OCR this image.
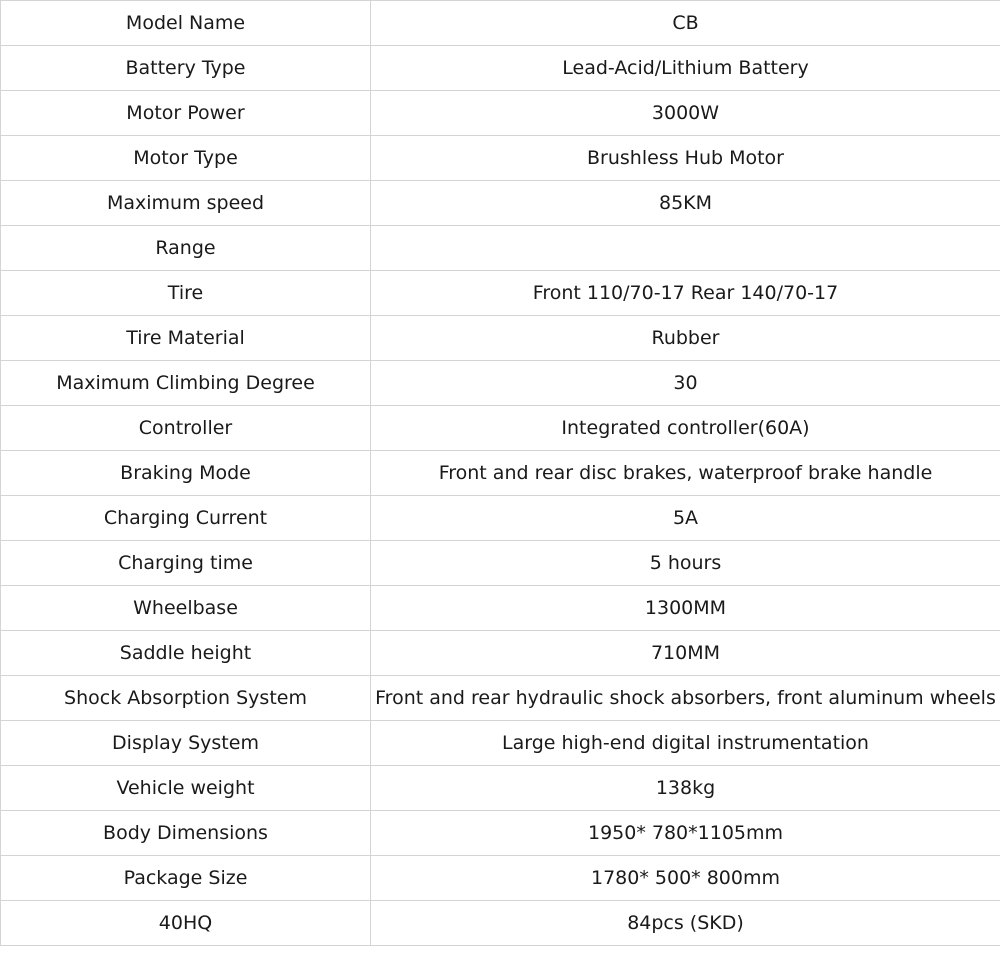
Model Name	CB
Battery Type	Lead-Acid/Lithium Battery
Motor Power	3000W
Motor Type	Brushless Hub Motor
Maximum speed	85KM
Range	
Tire	Front 110/70-17 Rear 140/70-17
Tire Material	Rubber
Maximum Climbing Degree	30
Controller	Integrated controller(60A)
Braking Mode	Front and rear disc brakes, waterproof brake handle
Charging Current	5A
Charging time	5 hours
Wheelbase	1300MM
Saddle height	710MM
Shock Absorption System	Front and rear hydraulic shock absorbers, front aluminum wheels
Display System	Large high-end digital instrumentation
Vehicle weight	138kg
Body Dimensions	1950* 780*1105mm
Package Size	1780* 500* 800mm
40HQ	84pcs (SKD)
